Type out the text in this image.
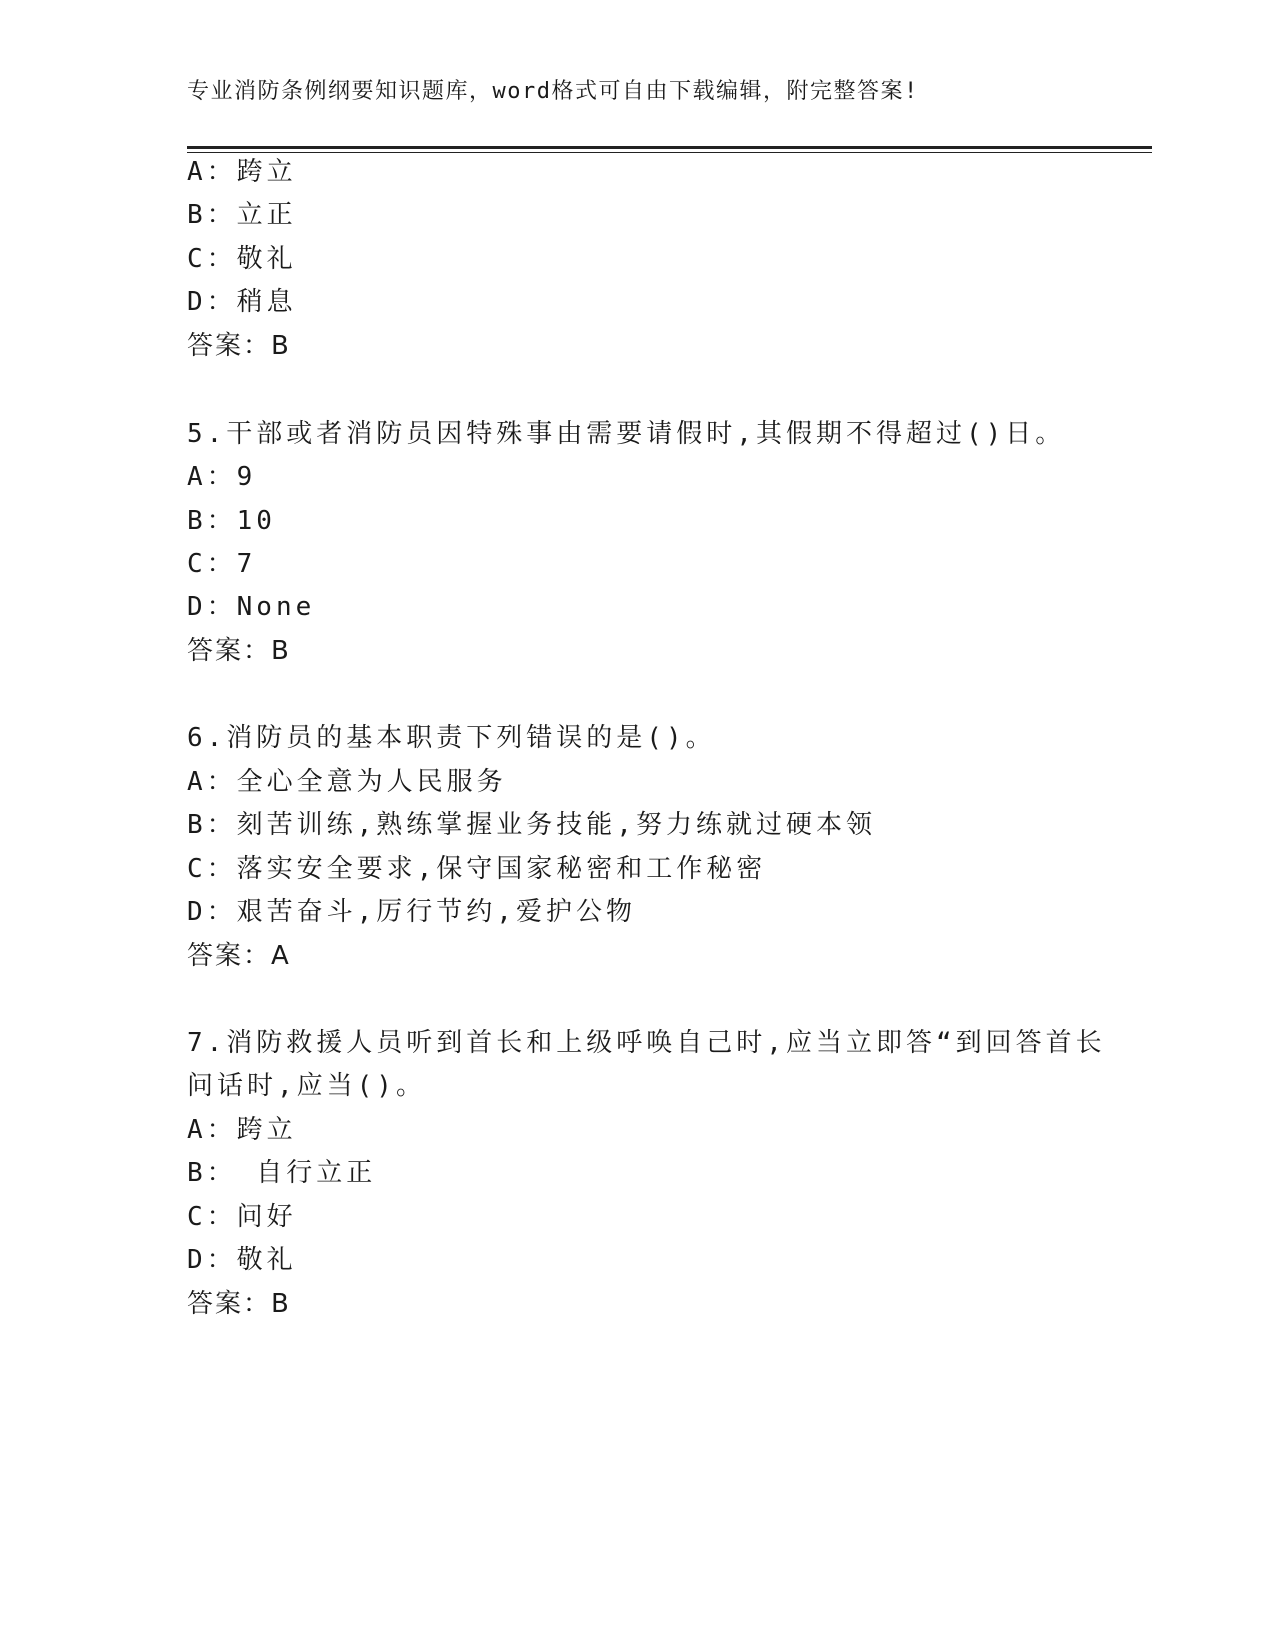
专业消防条例纲要知识题库，word格式可自由下载编辑，附完整答案!
A：跨立
B：立正
C：敬礼
D：稍息
答案：B
5.干部或者消防员因特殊事由需要请假时,其假期不得超过()日。
A：9
B：10
C：7
D：None
答案：B
6.消防员的基本职责下列错误的是()。
A：全心全意为人民服务
B：刻苦训练,熟练掌握业务技能,努力练就过硬本领
C：落实安全要求,保守国家秘密和工作秘密
D：艰苦奋斗,厉行节约,爱护公物
答案：A
7.消防救援人员听到首长和上级呼唤自己时,应当立即答“到回答首长
问话时,应当()。
A：跨立
B： 自行立正
C：问好
D：敬礼
答案：B
